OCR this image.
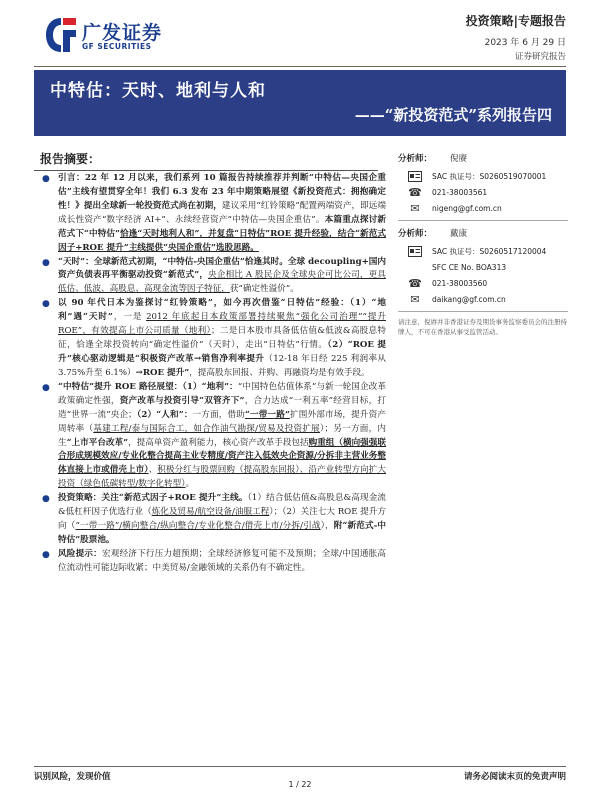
广发证券
GF SECURITIES
投资策略|专题报告
2023 年 6 月 29 日
证券研究报告
中特估：天时、地利与人和
——“新投资范式”系列报告四
报告摘要：

● 引言：22 年 12 月以来，我们系列 10 篇报告持续推荐并判断“中特估—央国企重估”主线有望贯穿全年！我们 6.3 发布 23 年中期策略展望《新投资范式：拥抱确定性！》提出全球新一轮投资范式尚在初期，建议采用“红铃策略”配置两端资产，即远端成长性资产“数字经济 AI+”、永续经营资产“中特估—央国企重估”。本篇重点探讨新范式下“中特估”恰逢“天时地利人和”，并复盘“日特估”ROE 提升经验，结合“新范式因子+ROE 提升”主线提供“央国企重估”选股思路。

● “天时”：全球新范式初期，“中特估-央国企重估”恰逢其时。全球 decoupling+国内资产负债表再平衡驱动投资“新范式”，央企相比 A 股民企及全球央企可比公司，更具低估、低波、高股息、高现金流等因子特征，获“确定性溢价”。

● 以 90 年代日本为鉴探讨“红铃策略”，如今再次借鉴“日特估”经验：（1）“地利”遇“天时”，一是 2012 年底起日本政策部署持续聚焦“强化公司治理”“提升 ROE”，有效提高上市公司质量（地利）；二是日本股市具备低估值&低波&高股息特征，恰逢全球投资转向“确定性溢价”（天时），走出“日特估”行情。（2）“ROE 提升”核心驱动逻辑是“积极资产改革→销售净利率提升（12-18 年日经 225 利润率从 3.75%升至 6.1%）→ROE 提升”，提高股东回报、并购、再融资均是有效手段。

● “中特估”提升 ROE 路径展望：（1）“地利”：“中国特色估值体系”与新一轮国企改革政策确定性强，资产改革与投资引导“双管齐下”，合力达成“一利五率”经营目标，打造“世界一流”央企；（2）“人和”：一方面，借助“一带一路”扩围外部市场，提升资产周转率（基建工程/泰与国际合工，如合作油气勘探/贸易及投资扩展）；另一方面，内生“上市平台改革”，提高单资产盈利能力，核心资产改革手段包括购重组（横向强强联合形成规模效应/专业化整合提高主业专精度/资产注入低效央企资源/分拆非主营业务整体直接上市或借壳上市）、积极分红与股票回购（提高股东回报）、沿产业转型方向扩大投资（绿色低碳转型/数字化转型）。

● 投资策略：关注“新范式因子+ROE 提升”主线。（1）结合低估值&高股息&高现金流&低杠杆因子优选行业（炼化及贸易/航空设备/油服工程）；（2）关注七大 ROE 提升方向（“一带一路”/横向整合/纵向整合/专业化整合/借壳上市/分拆/引战），附“新范式-中特估”股票池。

● 风险提示：宏观经济下行压力超预期；全球经济修复可能不及预期；全球/中国通胀高位流动性可能边际收紧；中美贸易/金融领域的关系仍有不确定性。

分析师： 倪赓
SAC 执证号：S0260519070001
☎	021-38003561
✉	nigeng@gf.com.cn
分析师： 戴康
SAC 执证号：S0260517120004
SFC CE No. BOA313
☎	021-38003560
✉	daikang@gf.com.cn
请注意，倪赓并非香港证券及期货事务监察委员会的注册持牌人，不可在香港从事受监管活动。
识别风险，发现价值	请务必阅读末页的免责声明
1 / 22
